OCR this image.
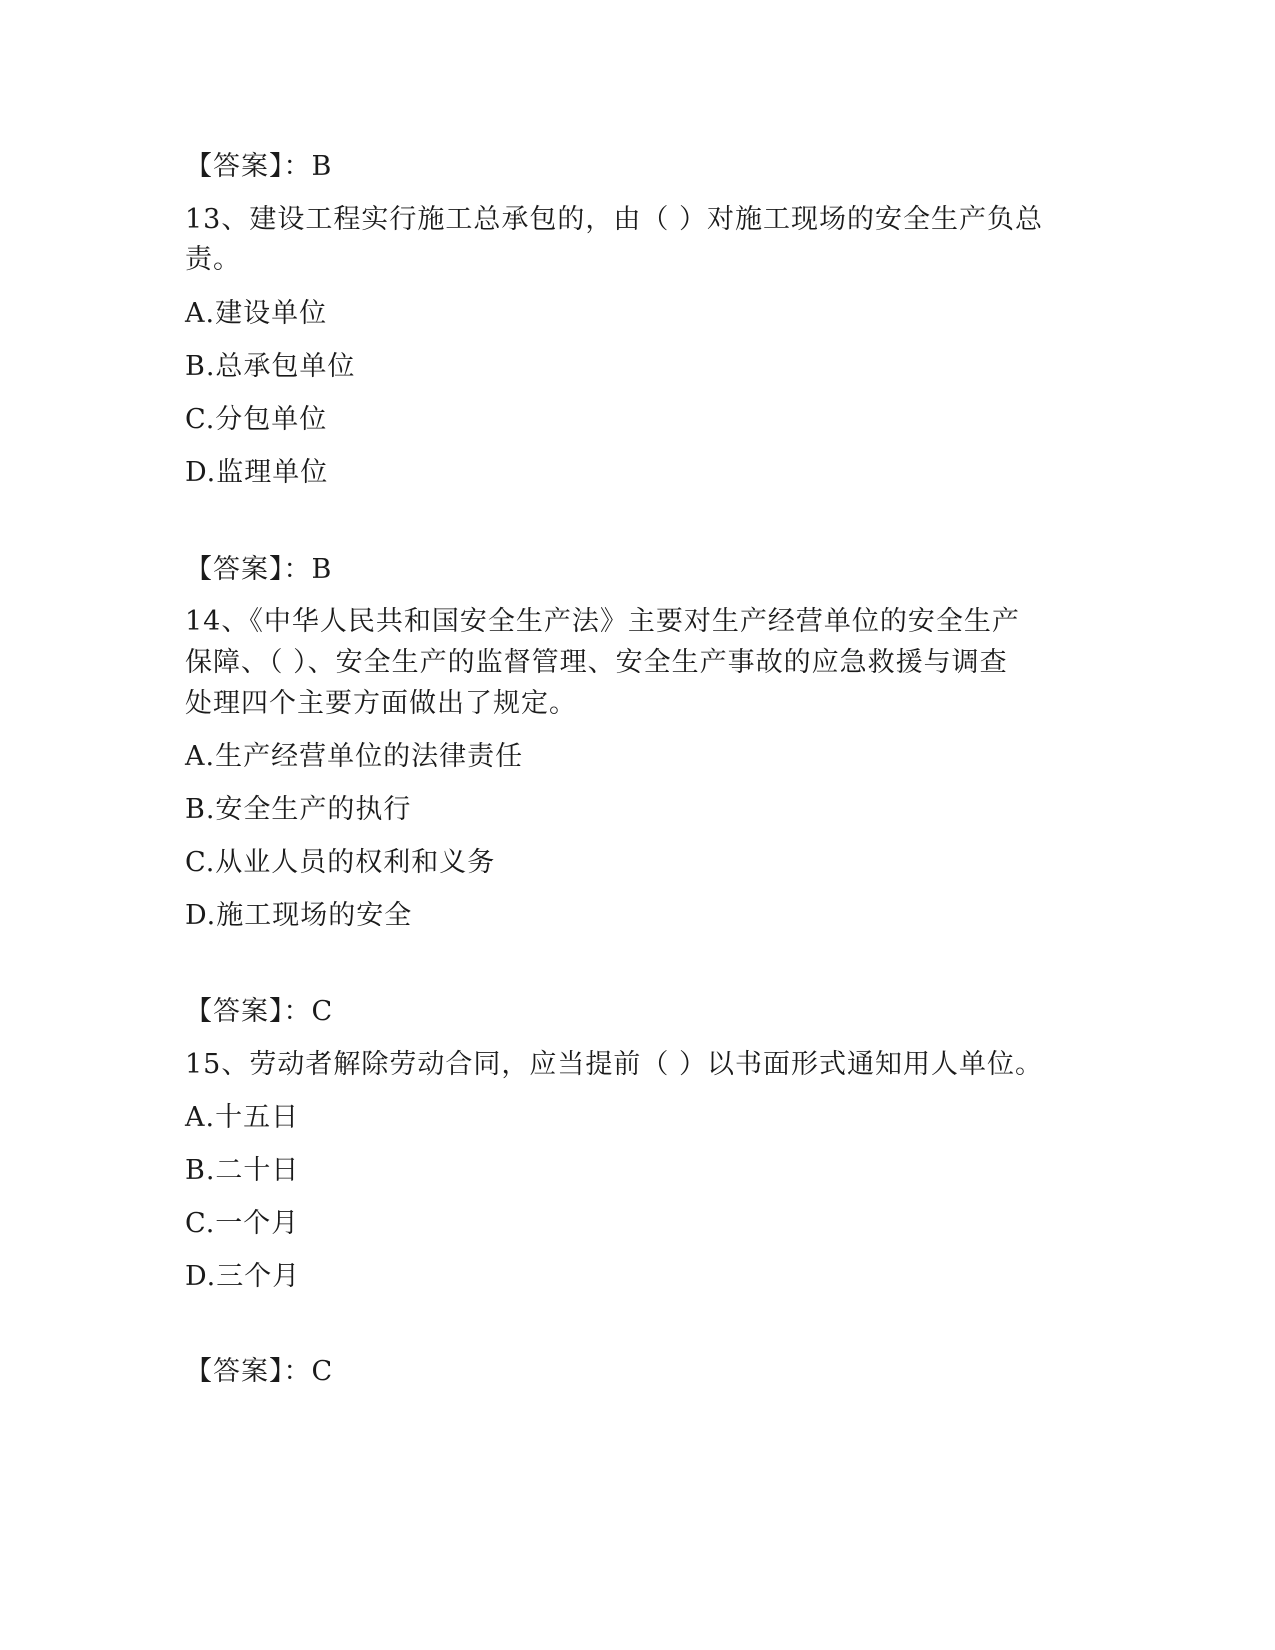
【答案】：B
13、建设工程实行施工总承包的，由（ ）对施工现场的安全生产负总
责。
A.建设单位
B.总承包单位
C.分包单位
D.监理单位
【答案】：B
14、《中华人民共和国安全生产法》主要对生产经营单位的安全生产
保障、（ ）、安全生产的监督管理、安全生产事故的应急救援与调查
处理四个主要方面做出了规定。
A.生产经营单位的法律责任
B.安全生产的执行
C.从业人员的权利和义务
D.施工现场的安全
【答案】：C
15、劳动者解除劳动合同，应当提前（ ）以书面形式通知用人单位。
A.十五日
B.二十日
C.一个月
D.三个月
【答案】：C
